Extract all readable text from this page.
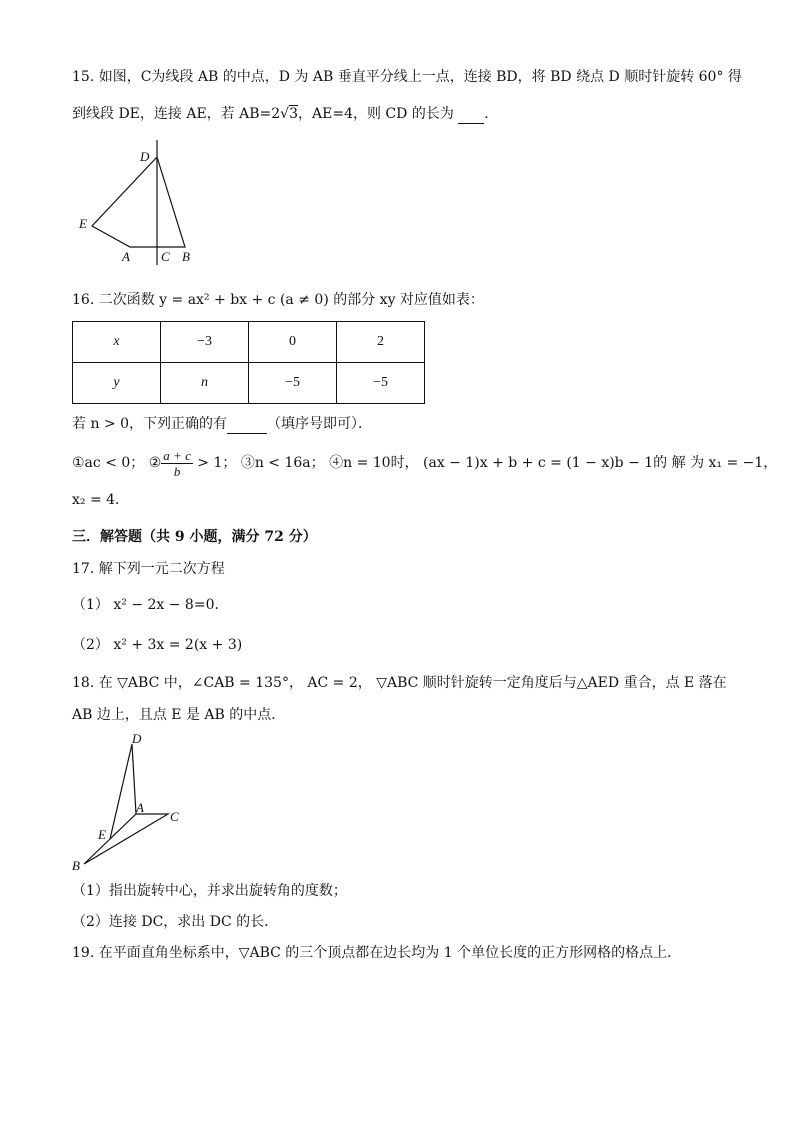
15. 如图，C为线段 AB 的中点，D 为 AB 垂直平分线上一点，连接 BD，将 BD 绕点 D 顺时针旋转 60° 得
到线段 DE，连接 AE，若 AB=2√3，AE=4，则 CD 的长为 ．
D
E
A C B
16. 二次函数 y = ax² + bx + c (a ≠ 0) 的部分 xy 对应值如表：
x	−3	0	2
y	n	−5	−5
若 n > 0，下列正确的有	（填序号即可）．
①ac < 0； ② $\frac{a + c}{b} > 1$； ③n < 16a； ④n = 10时， (ax − 1)x + b + c = (1 − x)b − 1的 解 为 x₁ = −1，
x₂ = 4．
三．解答题（共 9 小题，满分 72 分）
17. 解下列一元二次方程
（1） x² − 2x − 8=0．
（2） x² + 3x = 2(x + 3)
18. 在 ▽ABC 中，∠CAB = 135°， AC = 2， ▽ABC 顺时针旋转一定角度后与△AED 重合，点 E 落在
AB 边上，且点 E 是 AB 的中点．
D
A
C
E
B
（1）指出旋转中心，并求出旋转角的度数；
（2）连接 DC，求出 DC 的长．
19. 在平面直角坐标系中，▽ABC 的三个顶点都在边长均为 1 个单位长度的正方形网格的格点上．
